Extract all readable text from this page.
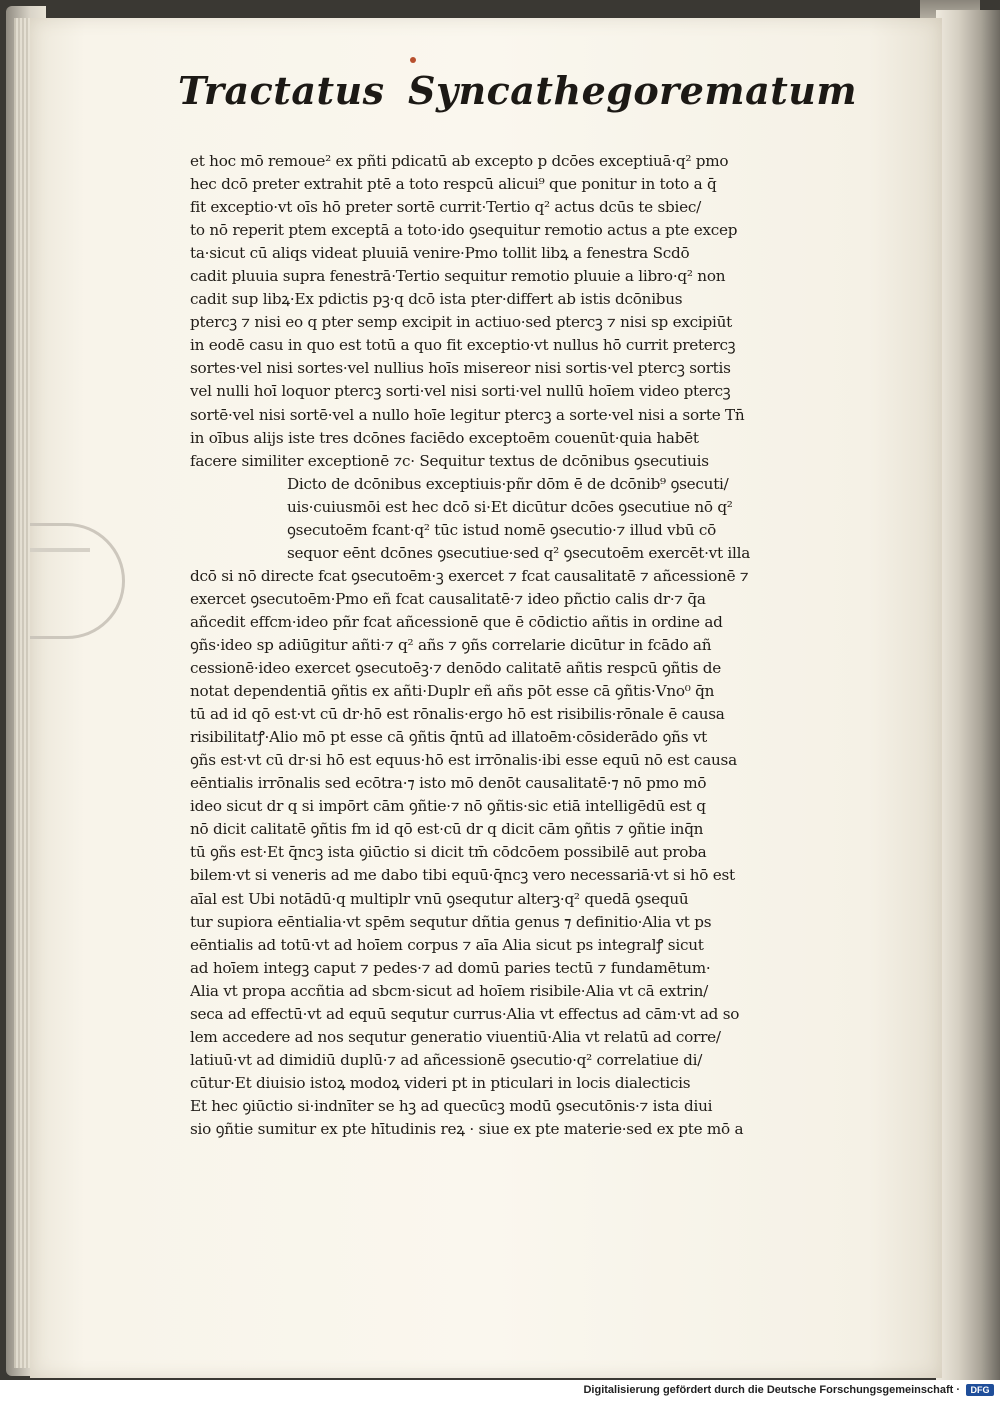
Tractatus Syncathegorematum
et hoc mō remoue² ex pñti pdicatū ab excepto p dcōes exceptiuā·q² pmo
hec dcō preter extrahit ptē a toto respcū alicui⁹ que ponitur in toto a q̄
fit exceptio·vt oīs hō preter sortē currit·Tertio q² actus dcūs te sbiec/
to nō reperit ptem exceptā a toto·ido ꝯsequitur remotio actus a pte excep
ta·sicut cū aliqs videat pluuiā venire·Pmo tollit libꝝ a fenestra Scdō
cadit pluuia supra fenestrā·Tertio sequitur remotio pluuie a libro·q² non
cadit sup libꝝ·Ex pdictis pꝫ·q dcō ista pter·differt ab istis dcōnibus
ptercꝫ ⁊ nisi eo q pter semp excipit in actiuo·sed ptercꝫ ⁊ nisi sp excipiūt
in eodē casu in quo est totū a quo fit exceptio·vt nullus hō currit pretercꝫ
sortes·vel nisi sortes·vel nullius hoīs misereor nisi sortis·vel ptercꝫ sortis
vel nulli hoī loquor ptercꝫ sorti·vel nisi sorti·vel nullū hoīem video ptercꝫ
sortē·vel nisi sortē·vel a nullo hoīe legitur ptercꝫ a sorte·vel nisi a sorte Tn̄
in oībus alijs iste tres dcōnes faciēdo exceptoēm couenūt·quia habēt
facere similiter exceptionē ⁊c· Sequitur textus de dcōnibus ꝯsecutiuis
Dicto de dcōnibus exceptiuis·pñr dōm ē de dcōnib⁹ ꝯsecuti/
uis·cuiusmōi est hec dcō si·Et dicūtur dcōes ꝯsecutiue nō q²
ꝯsecutoēm fcant·q² tūc istud nomē ꝯsecutio·⁊ illud vbū cō
sequor eēnt dcōnes ꝯsecutiue·sed q² ꝯsecutoēm exercēt·vt illa
dcō si nō directe fcat ꝯsecutoēm·ꝫ exercet ⁊ fcat causalitatē ⁊ añcessionē ⁊
exercet ꝯsecutoēm·Pmo eñ fcat causalitatē·⁊ ideo pñctio calis dr·⁊ q̄a
añcedit effcm·ideo pñr fcat añcessionē que ē cōdictio añtis in ordine ad
ꝯñs·ideo sp adiūgitur añti·⁊ q² añs ⁊ ꝯñs correlarie dicūtur in fcādo añ
cessionē·ideo exercet ꝯsecutoēꝫ·⁊ denōdo calitatē añtis respcū ꝯñtis de
notat dependentiā ꝯñtis ex añti·Duplr eñ añs pōt esse cā ꝯñtis·Vno⁰ q̄n
tū ad id qō est·vt cū dr·hō est rōnalis·ergo hō est risibilis·rōnale ē causa
risibilitatꝭ·Alio mō pt esse cā ꝯñtis q̄ntū ad illatoēm·cōsiderādo ꝯñs vt
ꝯñs est·vt cū dr·si hō est equus·hō est irrōnalis·ibi esse equū nō est causa
eēntialis irrōnalis sed ecōtra·⁊ isto mō denōt causalitatē·⁊ nō pmo mō
ideo sicut dr q si impōrt cām ꝯñtie·⁊ nō ꝯñtis·sic etiā intelligēdū est q
nō dicit calitatē ꝯñtis fm id qō est·cū dr q dicit cām ꝯñtis ⁊ ꝯñtie inq̄n
tū ꝯñs est·Et q̄ncꝫ ista ꝯiūctio si dicit tm̄ cōdcōem possibilē aut proba
bilem·vt si veneris ad me dabo tibi equū·q̄ncꝫ vero necessariā·vt si hō est
aīal est Ubi notādū·q multiplr vnū ꝯsequtur alterꝫ·q² quedā ꝯsequū
tur supiora eēntialia·vt spēm sequtur dñtia genus ⁊ definitio·Alia vt ps
eēntialis ad totū·vt ad hoīem corpus ⁊ aīa Alia sicut ps integralꝭ sicut
ad hoīem integꝫ caput ⁊ pedes·⁊ ad domū paries tectū ⁊ fundamētum·
Alia vt propa accñtia ad sbcm·sicut ad hoīem risibile·Alia vt cā extrin/
seca ad effectū·vt ad equū sequtur currus·Alia vt effectus ad cām·vt ad so
lem accedere ad nos sequtur generatio viuentiū·Alia vt relatū ad corre/
latiuū·vt ad dimidiū duplū·⁊ ad añcessionē ꝯsecutio·q² correlatiue di/
cūtur·Et diuisio istoꝝ modoꝝ videri pt in pticulari in locis dialecticis
Et hec ꝯiūctio si·indnīter se hꝫ ad quecūcꝫ modū ꝯsecutōnis·⁊ ista diui
sio ꝯñtie sumitur ex pte hītudinis reꝝ · siue ex pte materie·sed ex pte mō a
Digitalisierung gefördert durch die Deutsche Forschungsgemeinschaft ·	DFG
